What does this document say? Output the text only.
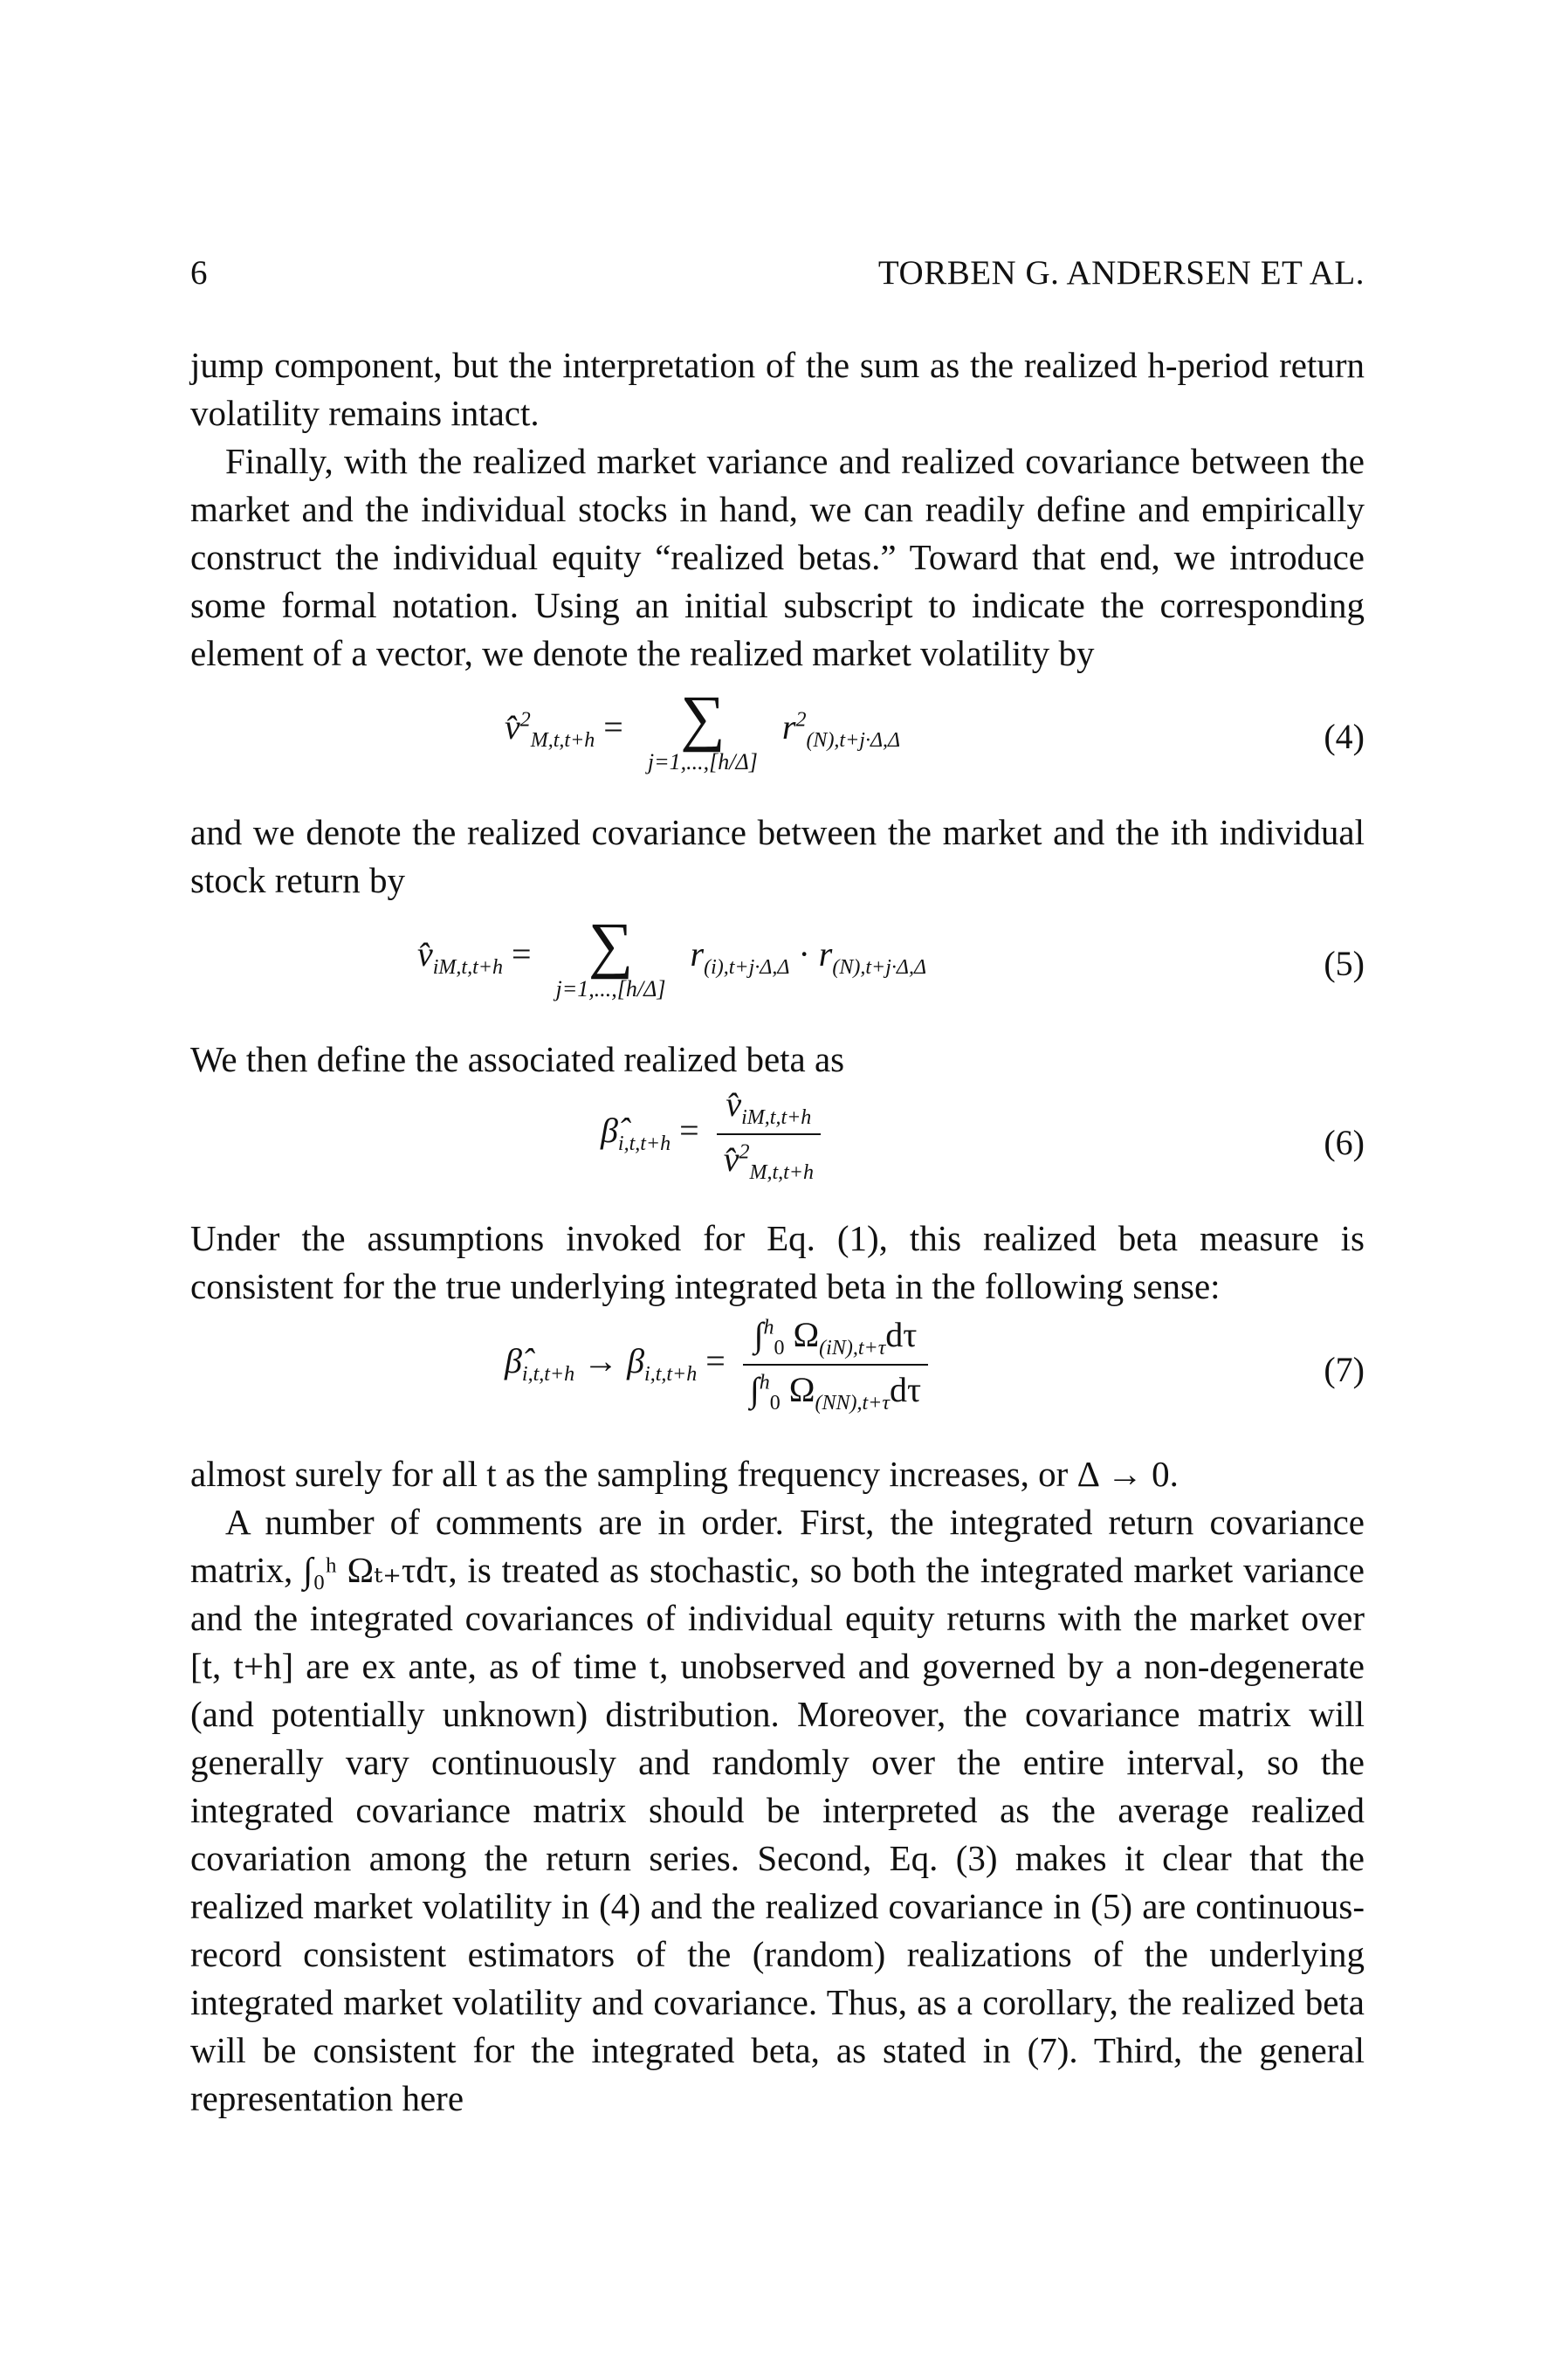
6	TORBEN G. ANDERSEN ET AL.

jump component, but the interpretation of the sum as the realized h-period return volatility remains intact.

Finally, with the realized market variance and realized covariance between the market and the individual stocks in hand, we can readily define and empirically construct the individual equity “realized betas.” Toward that end, we introduce some formal notation. Using an initial subscript to indicate the corresponding element of a vector, we denote the realized market volatility by

v̂$^2_{M,t,t+h}$ = ∑
j=1,...,[h/Δ]
$r^2_{(N),t+j\cdot\Delta,\Delta}$	(4)

and we denote the realized covariance between the market and the ith individual stock return by

$v̂_{iM,t,t+h}$ = ∑
j=1,...,[h/Δ]
$r_{(i),t+j\cdot\Delta,\Delta} \cdot r_{(N),t+j\cdot\Delta,\Delta}$	(5)

We then define the associated realized beta as

$\betâ_{i,t,t+h} = \frac{v̂_{iM,t,t+h}}{v̂^2_{M,t,t+h}}$	(6)

Under the assumptions invoked for Eq. (1), this realized beta measure is consistent for the true underlying integrated beta in the following sense:

$\betâ_{i,t,t+h} \to \beta_{i,t,t+h} = \frac{\int^h_0 \Omega_{(iN),t+\tau}d\tau}{\int^h_0 \Omega_{(NN),t+\tau}d\tau}$	(7)

almost surely for all t as the sampling frequency increases, or Δ → 0.

A number of comments are in order. First, the integrated return covariance matrix, ∫₀ʰ Ωₜ₊τdτ, is treated as stochastic, so both the integrated market variance and the integrated covariances of individual equity returns with the market over [t, t+h] are ex ante, as of time t, unobserved and governed by a non-degenerate (and potentially unknown) distribution. Moreover, the covariance matrix will generally vary continuously and randomly over the entire interval, so the integrated covariance matrix should be interpreted as the average realized covariation among the return series. Second, Eq. (3) makes it clear that the realized market volatility in (4) and the realized covariance in (5) are continuous-record consistent estimators of the (random) realizations of the underlying integrated market volatility and covariance. Thus, as a corollary, the realized beta will be consistent for the integrated beta, as stated in (7). Third, the general representation here
